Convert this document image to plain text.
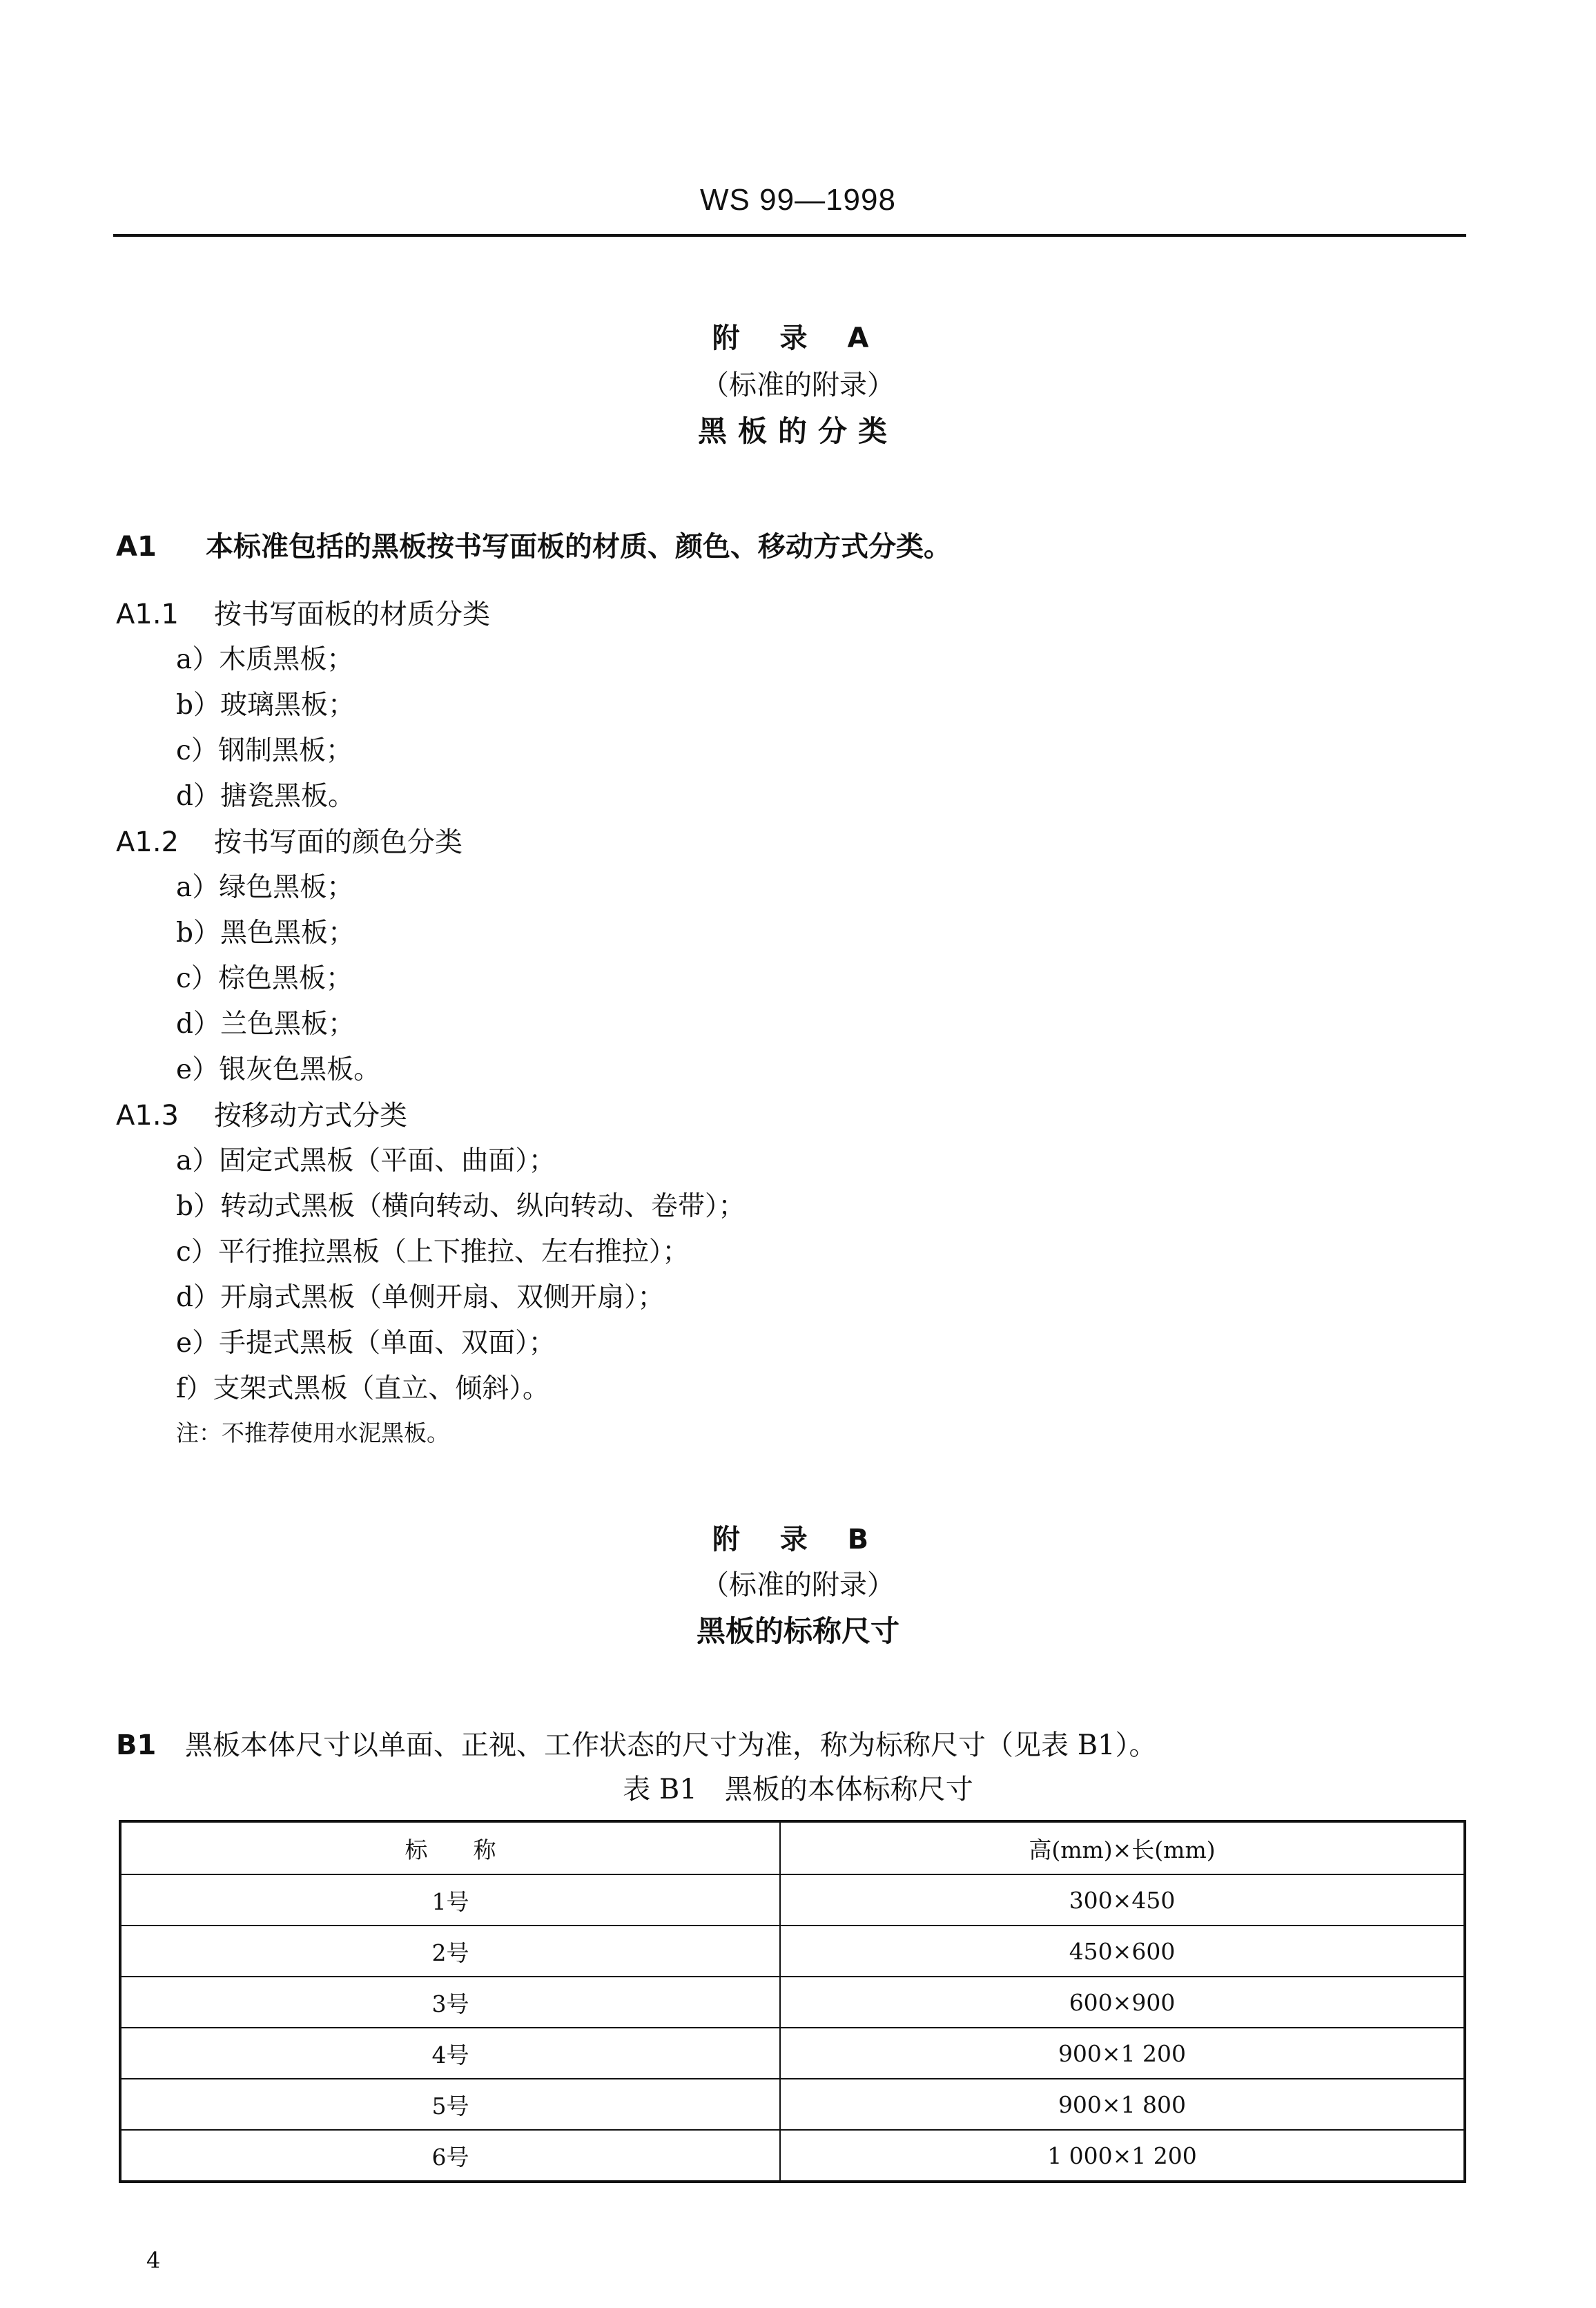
WS 99—1998
附 录 A
（标准的附录）
黑板的分类
A1 本标准包括的黑板按书写面板的材质、颜色、移动方式分类。
A1.1 按书写面板的材质分类
a）木质黑板；
b）玻璃黑板；
c）钢制黑板；
d）搪瓷黑板。
A1.2 按书写面的颜色分类
a）绿色黑板；
b）黑色黑板；
c）棕色黑板；
d）兰色黑板；
e）银灰色黑板。
A1.3 按移动方式分类
a）固定式黑板（平面、曲面）；
b）转动式黑板（横向转动、纵向转动、卷带）；
c）平行推拉黑板（上下推拉、左右推拉）；
d）开扇式黑板（单侧开扇、双侧开扇）；
e）手提式黑板（单面、双面）；
f）支架式黑板（直立、倾斜）。
注：不推荐使用水泥黑板。
附 录 B
（标准的附录）
黑板的标称尺寸
B1 黑板本体尺寸以单面、正视、工作状态的尺寸为准，称为标称尺寸（见表 B1）。
表 B1　黑板的本体标称尺寸
标　　称	高(mm)×长(mm)
1号	300×450
2号	450×600
3号	600×900
4号	900×1 200
5号	900×1 800
6号	1 000×1 200
4
